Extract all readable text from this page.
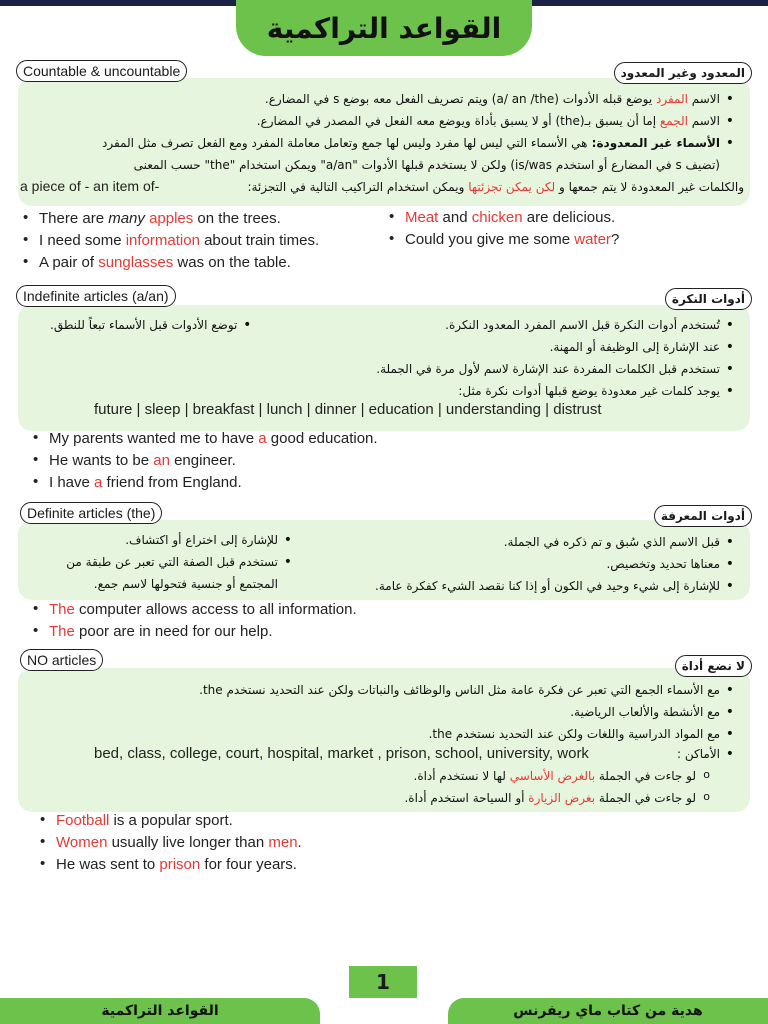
القواعد التراكمية
Countable & uncountable	المعدود وغير المعدود
• الاسم المفرد يوضع قبله الأدوات (a/ an /the) ويتم تصريف الفعل معه بوضع s في المضارع.
• الاسم الجمع إما أن يسبق بـ(the) أو لا يسبق بأداة ويوضع معه الفعل في المصدر في المضارع.
• الأسماء غير المعدودة: هي الأسماء التي ليس لها مفرد وليس لها جمع وتعامل معاملة المفرد ومع الفعل تصرف مثل المفرد
(تضيف s في المضارع أو استخدم is/was) ولكن لا يستخدم قبلها الأدوات "a/an" ويمكن استخدام "the" حسب المعنى
والكلمات غير المعدودة لا يتم جمعها و لكن يمكن تجزئتها ويمكن استخدام التراكيب التالية في التجزئة:
a piece of - an item of-
• There are many apples on the trees.
• I need some information about train times.
• A pair of sunglasses was on the table.
• Meat and chicken are delicious.
• Could you give me some water?
Indefinite articles (a/an)	أدوات النكرة
• تُستخدم أدوات النكرة قبل الاسم المفرد المعدود النكرة.
• عند الإشارة إلى الوظيفة أو المهنة.
• تستخدم قبل الكلمات المفردة عند الإشارة لاسم لأول مرة في الجملة.
• يوجد كلمات غير معدودة يوضع قبلها أدوات نكرة مثل:
• توضع الأدوات قبل الأسماء تبعاً للنطق.
future | sleep | breakfast | lunch | dinner | education | understanding | distrust
• My parents wanted me to have a good education.
• He wants to be an engineer.
• I have a friend from England.
Definite articles (the)	أدوات المعرفة
• قبل الاسم الذي سُبق و تم ذكره في الجملة.
• معناها تحديد وتخصيص.
• للإشارة إلى شيء وحيد في الكون أو إذا كنا نقصد الشيء كفكرة عامة.
• للإشارة إلى اختراع أو اكتشاف.
• تستخدم قبل الصفة التي تعبر عن طبقة من
المجتمع أو جنسية فتحولها لاسم جمع.
• The computer allows access to all information.
• The poor are in need for our help.
NO articles	لا نضع أداة
• مع الأسماء الجمع التي تعبر عن فكرة عامة مثل الناس والوظائف والنباتات ولكن عند التحديد نستخدم the.
• مع الأنشطة والألعاب الرياضية.
• مع المواد الدراسية واللغات ولكن عند التحديد نستخدم the.
• الأماكن :
bed, class, college, court, hospital, market , prison, school, university, work
o لو جاءت في الجملة بالغرض الأساسي لها لا نستخدم أداة.
o لو جاءت في الجملة بغرض الزيارة أو السياحة استخدم أداة.
• Football is a popular sport.
• Women usually live longer than men.
• He was sent to prison for four years.
1
القواعد التراكمية	هدية من كتاب ماي ريفرنس
